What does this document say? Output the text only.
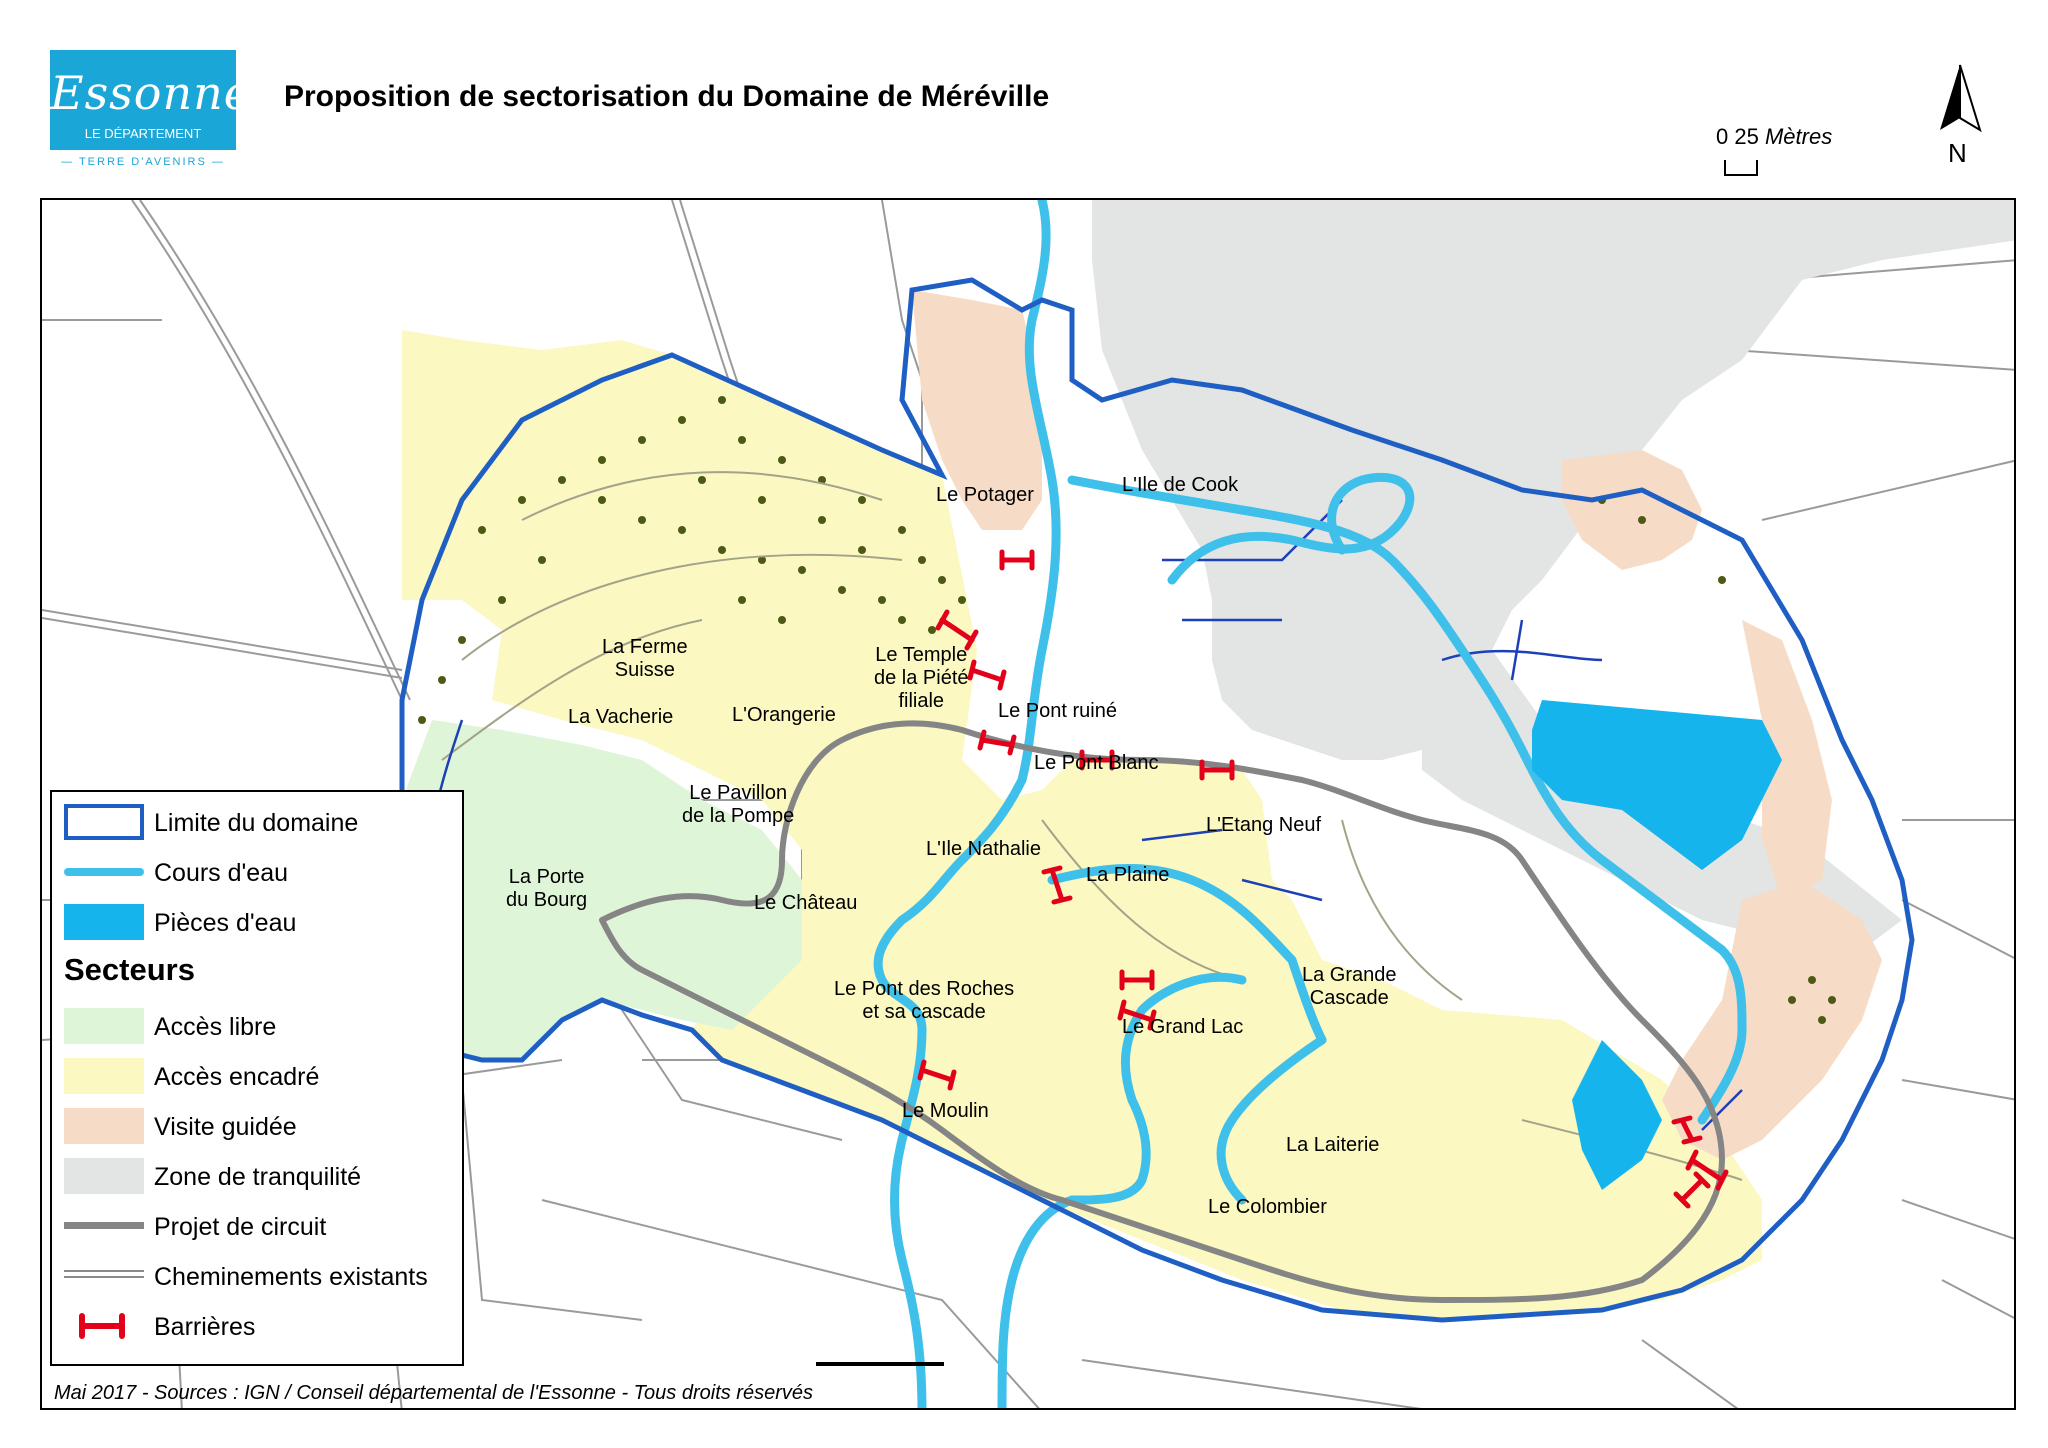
Essonne
LE DÉPARTEMENT
— TERRE D'AVENIRS —
Proposition de sectorisation du Domaine de Méréville
0 25 Mètres
N
Le Potager	L'Ile de Cook
La Ferme
Suisse
Le Temple
de la Piété
filiale
La Vacherie	L'Orangerie	Le Pont ruiné
Le Pont Blanc
Le Pavillon
de la Pompe	L'Etang Neuf
L'Ile Nathalie
La Porte
du Bourg
La Plaine
Le Château
Le Pont des Roches
et sa cascade
La Grande
Cascade
Le Grand Lac
Le Moulin
La Laiterie
Le Colombier
Limite du domaine
Cours d'eau
Pièces d'eau
Secteurs
Accès libre
Accès encadré
Visite guidée
Zone de tranquilité
Projet de circuit
Cheminements existants
Barrières
Mai 2017 - Sources : IGN / Conseil départemental de l'Essonne - Tous droits réservés
